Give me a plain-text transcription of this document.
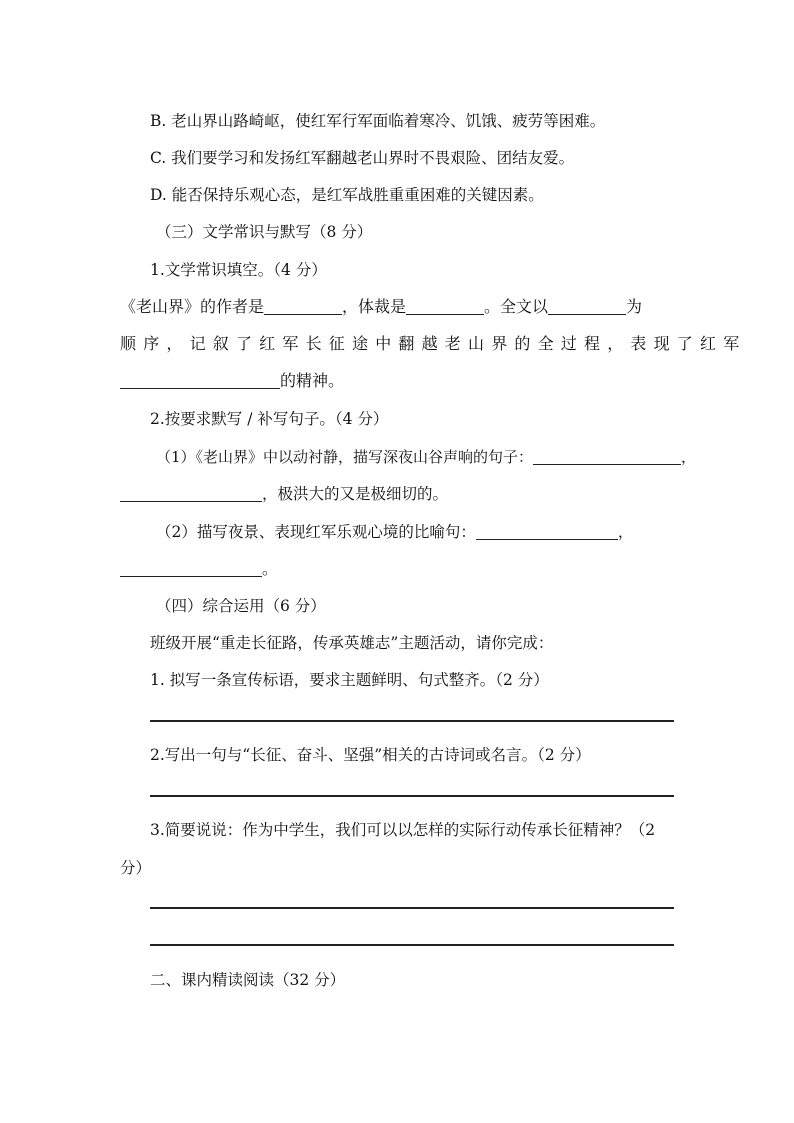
B. 老山界山路崎岖，使红军行军面临着寒冷、饥饿、疲劳等困难。
C. 我们要学习和发扬红军翻越老山界时不畏艰险、团结友爱。
D. 能否保持乐观心态，是红军战胜重重困难的关键因素。
（三）文学常识与默写（8 分）
1.文学常识填空。（4 分）
《老山界》的作者是	，体裁是	。全文以	为
顺序，记叙了红军长征途中翻越老山界的全过程，表现了红军
的精神。
2.按要求默写 / 补写句子。（4 分）
（1）《老山界》中以动衬静，描写深夜山谷声响的句子：	，
，极洪大的又是极细切的。
（2）描写夜景、表现红军乐观心境的比喻句：	，
。
（四）综合运用（6 分）
班级开展“重走长征路，传承英雄志”主题活动，请你完成：
1. 拟写一条宣传标语，要求主题鲜明、句式整齐。（2 分）
2.写出一句与“长征、奋斗、坚强”相关的古诗词或名言。（2 分）
3.简要说说：作为中学生，我们可以以怎样的实际行动传承长征精神？（2
分）
二、课内精读阅读（32 分）
